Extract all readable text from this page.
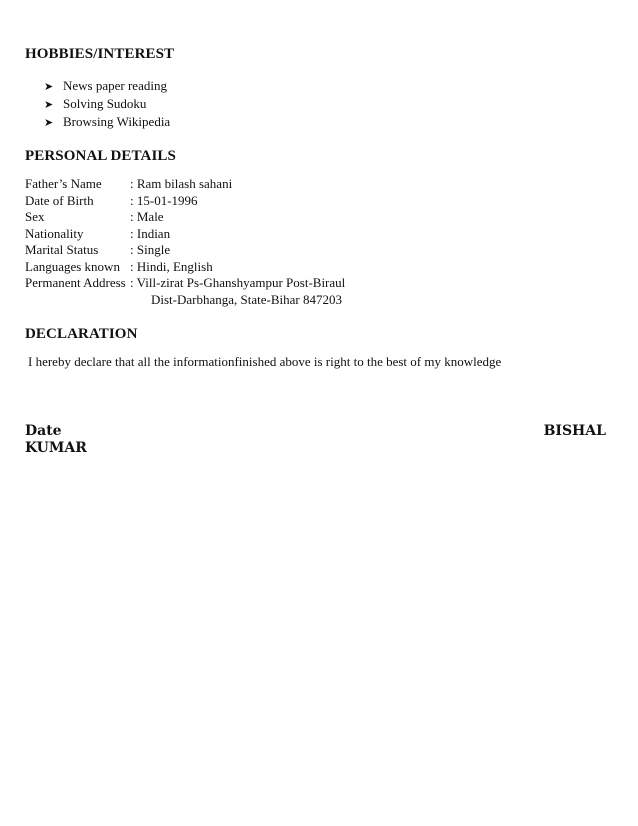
HOBBIES/INTEREST
➤ News paper reading
➤ Solving Sudoku
➤ Browsing Wikipedia
PERSONAL DETAILS
Father’s Name : Ram bilash sahani
Date of Birth	: 15-01-1996
Sex	: Male
Nationality	: Indian
Marital Status : Single
Languages known : Hindi, English
Permanent Address : Vill-zirat Ps-Ghanshyampur Post-Biraul
Dist-Darbhanga, State-Bihar 847203
DECLARATION
I hereby declare that all the informationfinished above is right to the best of my knowledge
Date	BISHAL
KUMAR
